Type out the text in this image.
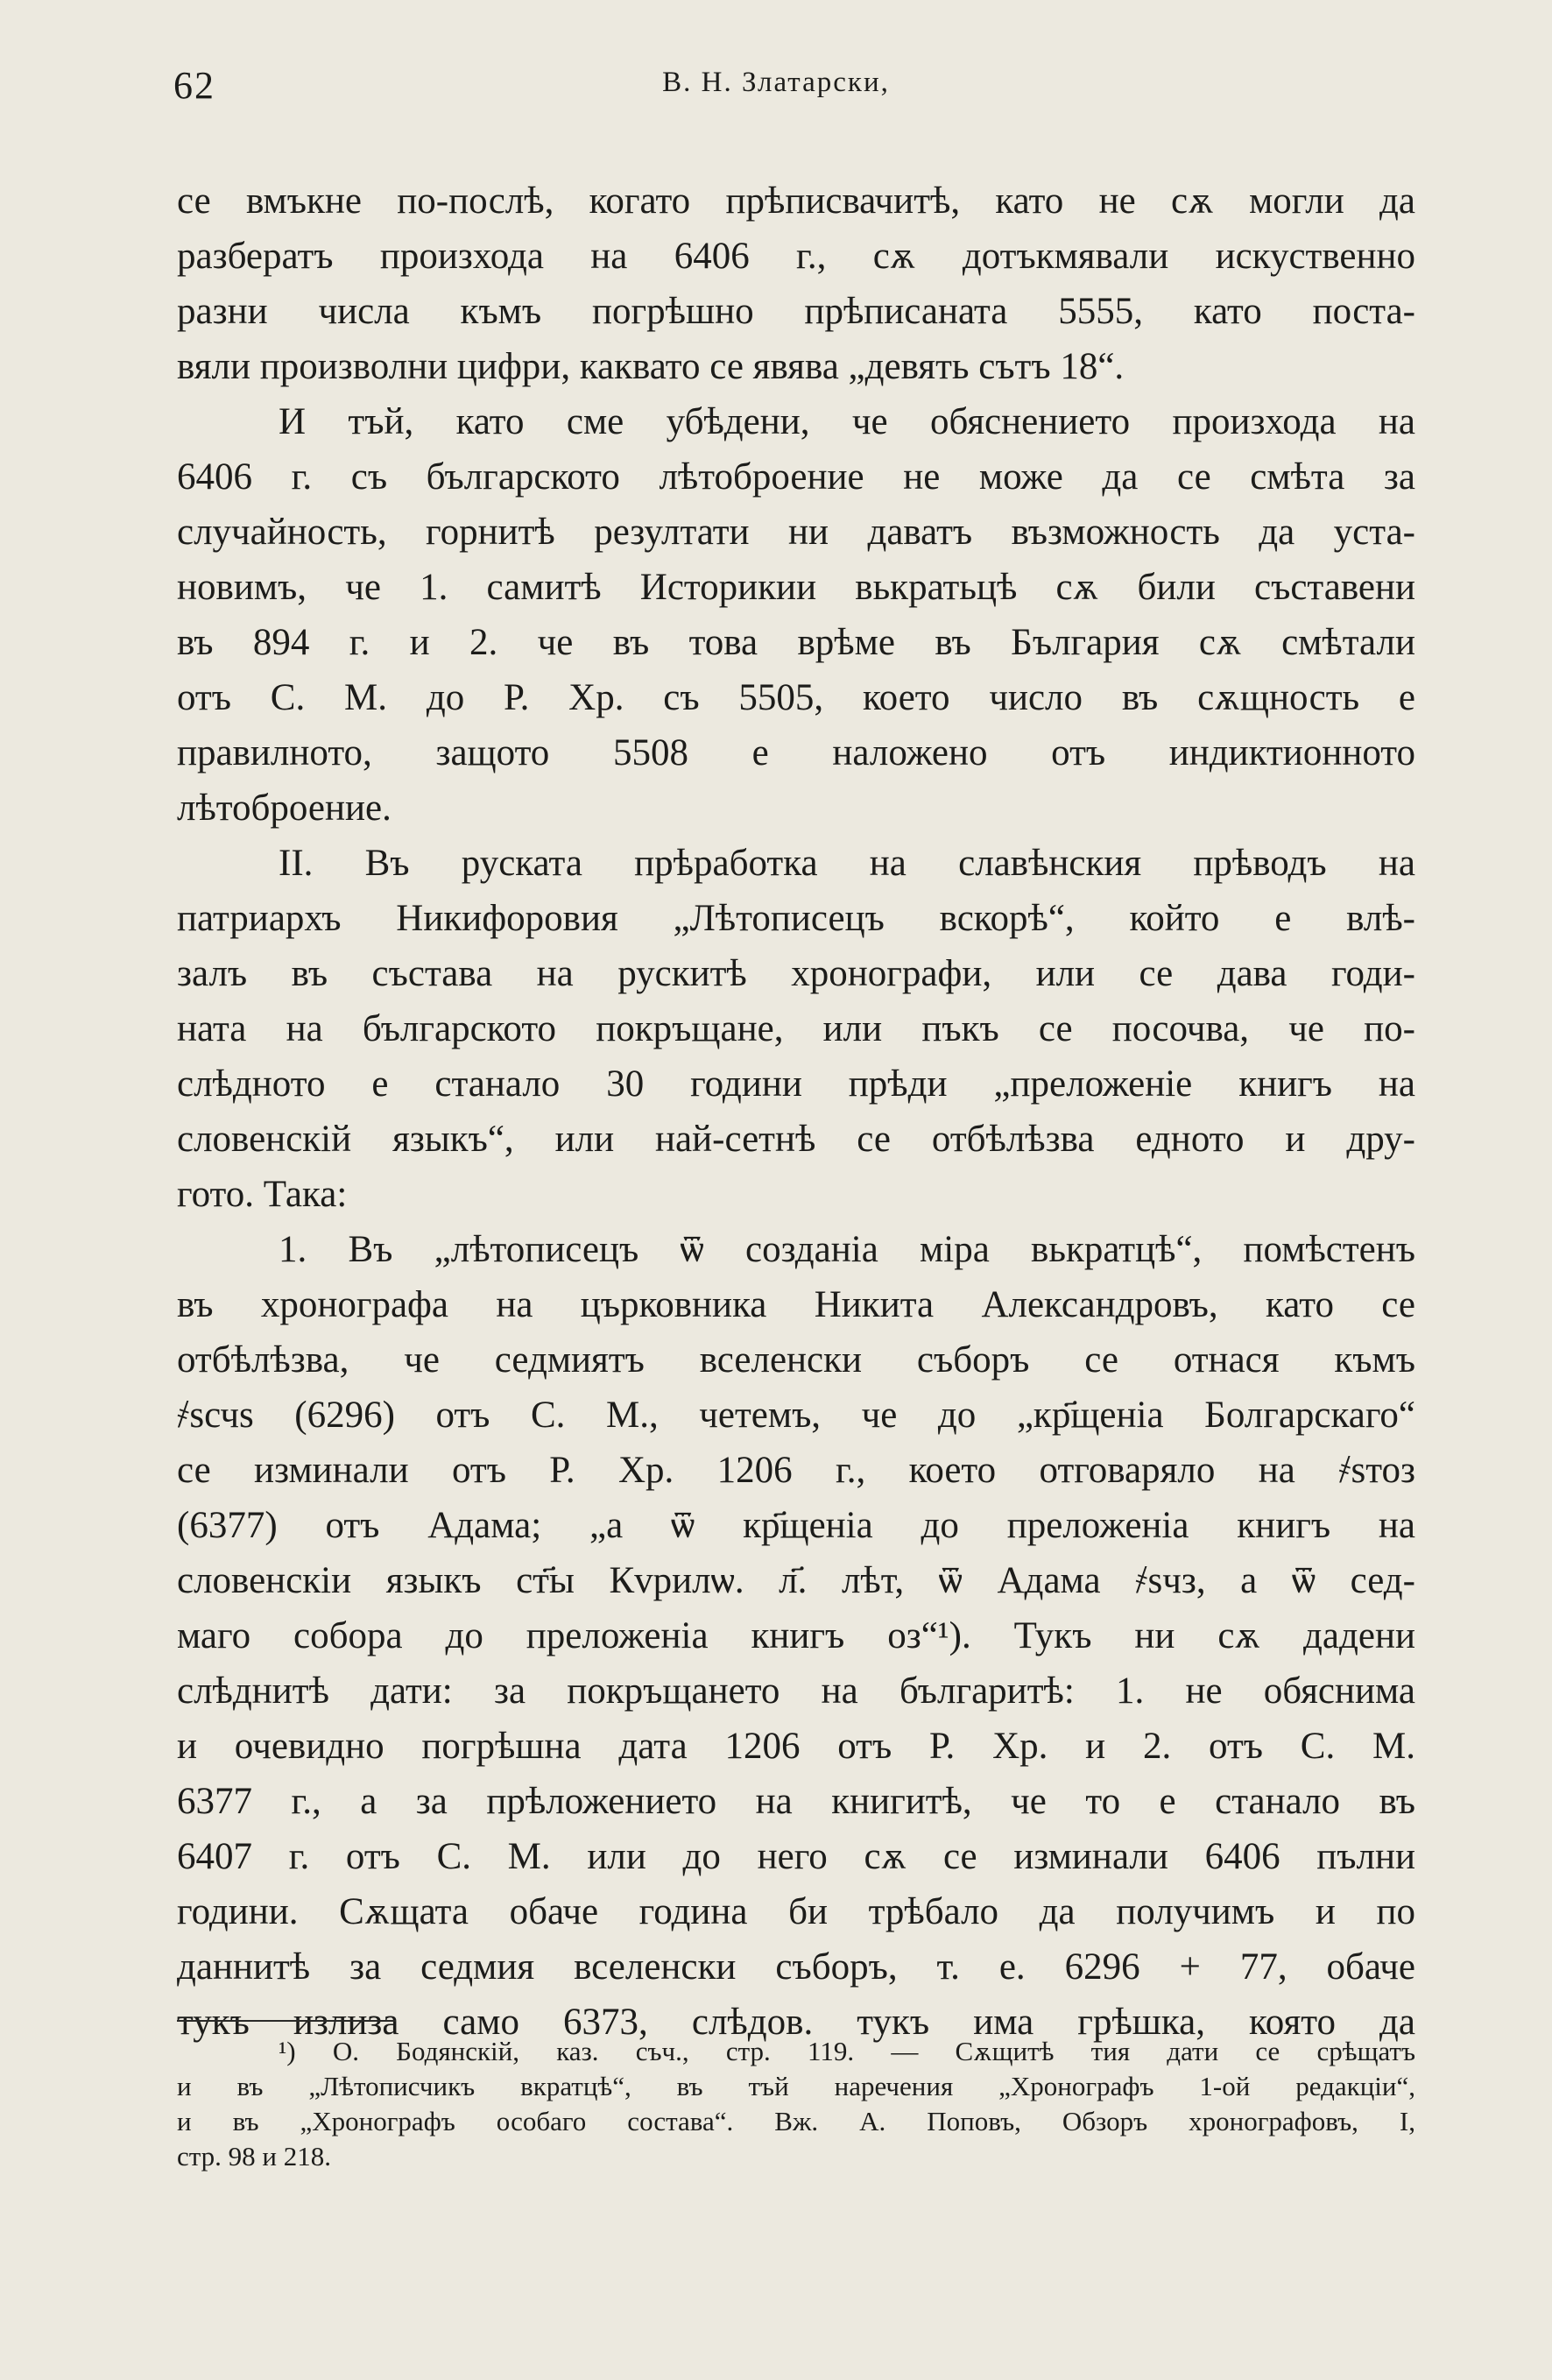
62	В. Н. Златарски,
се вмъкне по-послѣ, когато прѣписвачитѣ, като не сѫ могли да
разбератъ произхода на 6406 г., сѫ дотъкмявали искуственно
разни числа къмъ погрѣшно прѣписаната 5555, като поста-
вяли произволни цифри, каквато се явява „девять сътъ 18“.
И тъй, като сме убѣдени, че обяснението произхода на
6406 г. съ българското лѣтоброение не може да се смѣта за
случайность, горнитѣ резултати ни даватъ възможность да уста-
новимъ, че 1. самитѣ Историкии вькратьцѣ сѫ били съставени
въ 894 г. и 2. че въ това врѣме въ България сѫ смѣтали
отъ С. М. до Р. Хр. съ 5505, което число въ сѫщность е
правилното, защото 5508 е наложено отъ индиктионното
лѣтоброение.
II. Въ руската прѣработка на славѣнския прѣводъ на
патриархъ Никифоровия „Лѣтописецъ вскорѣ“, който е влѣ-
залъ въ състава на рускитѣ хронографи, или се дава годи-
ната на българското покръщане, или пъкъ се посочва, че по-
слѣдното е станало 30 години прѣди „преложеніе книгъ на
словенскій языкъ“, или най-сетнѣ се отбѣлѣзва едното и дру-
гото. Така:
1. Въ „лѣтописецъ ѿ созданіа міра вькратцѣ“, помѣстенъ
въ хронографа на църковника Никита Александровъ, като се
отбѣлѣзва, че седмиятъ вселенски съборъ се отнася къмъ
҂ѕсчѕ (6296) отъ С. М., четемъ, че до „кр҃щеніа Болгарскаго“
се изминали отъ Р. Хр. 1206 г., което отговаряло на ҂ѕтоз
(6377) отъ Адама; „а ѿ кр҃щеніа до преложеніа книгъ на
словенскiи языкъ ст҃ы Кvрилѡ. л҃. лѣт, ѿ Адама ҂ѕчз, а ѿ сед-
маго собора до преложеніа книгъ оз“¹). Тукъ ни сѫ дадени
слѣднитѣ дати: за покръщането на българитѣ: 1. не обяснима
и очевидно погрѣшна дата 1206 отъ Р. Хр. и 2. отъ С. М.
6377 г., а за прѣложението на книгитѣ, че то е станало въ
6407 г. отъ С. М. или до него сѫ се изминали 6406 пълни
години. Сѫщата обаче година би трѣбало да получимъ и по
даннитѣ за седмия вселенски съборъ, т. е. 6296 + 77, обаче
тукъ излиза само 6373, слѣдов. тукъ има грѣшка, която да
¹) О. Бодянскій, каз. съч., стр. 119. — Сѫщитѣ тия дати се срѣщатъ
и въ „Лѣтописчикъ вкратцѣ“, въ тъй наречения „Хронографъ 1-ой редакціи“,
и въ „Хронографъ особаго состава“. Вж. А. Поповъ, Обзоръ хронографовъ, I,
стр. 98 и 218.
